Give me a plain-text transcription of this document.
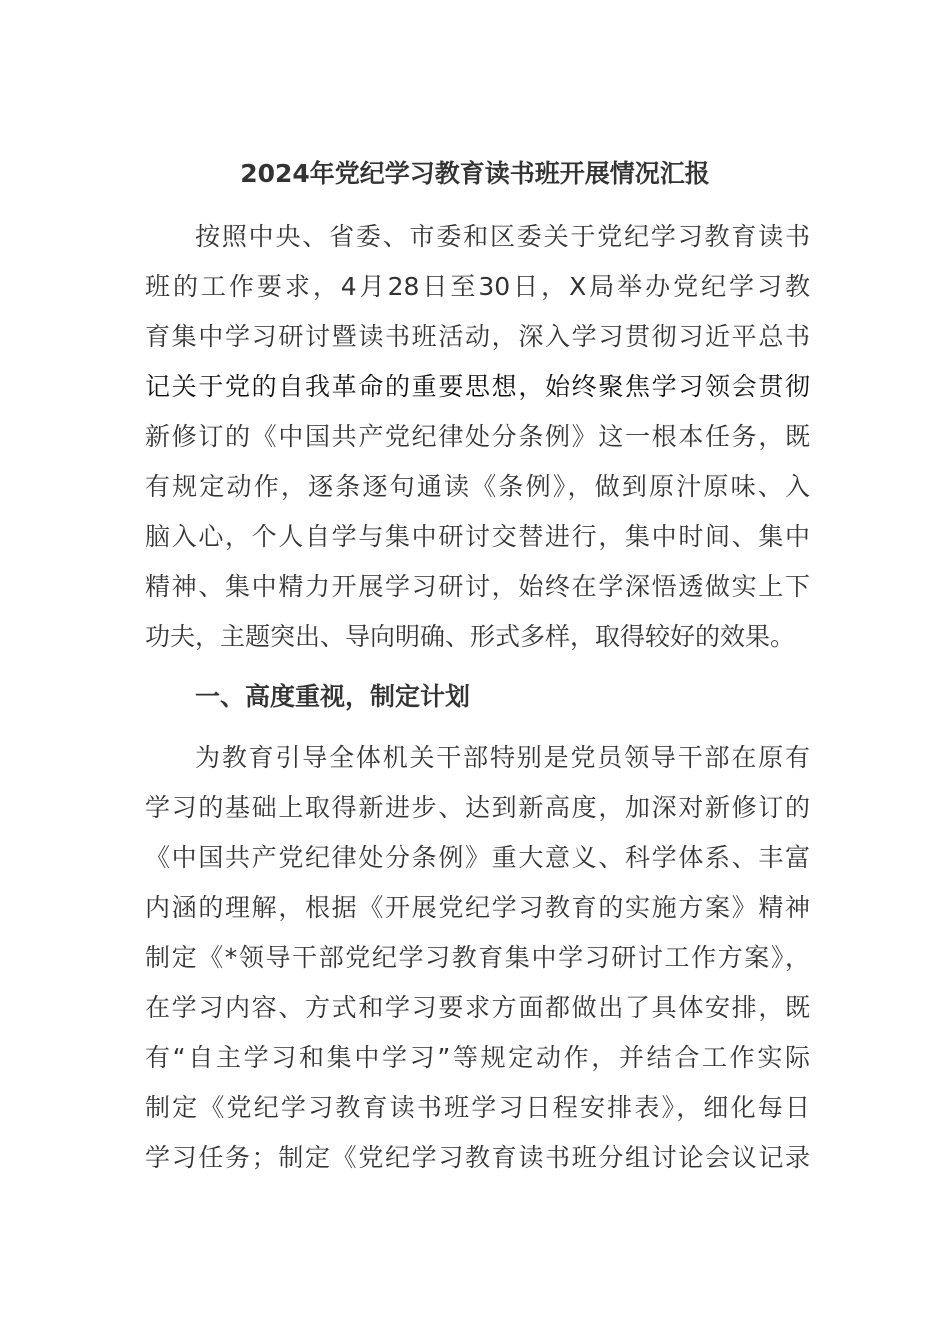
2024年党纪学习教育读书班开展情况汇报
按照中央、省委、市委和区委关于党纪学习教育读书
班的工作要求，4月28日至30日，X局举办党纪学习教
育集中学习研讨暨读书班活动，深入学习贯彻习近平总书
记关于党的自我革命的重要思想，始终聚焦学习领会贯彻
新修订的《中国共产党纪律处分条例》这一根本任务，既
有规定动作，逐条逐句通读《条例》，做到原汁原味、入
脑入心，个人自学与集中研讨交替进行，集中时间、集中
精神、集中精力开展学习研讨，始终在学深悟透做实上下
功夫，主题突出、导向明确、形式多样，取得较好的效果。
一、高度重视，制定计划
为教育引导全体机关干部特别是党员领导干部在原有
学习的基础上取得新进步、达到新高度，加深对新修订的
《中国共产党纪律处分条例》重大意义、科学体系、丰富
内涵的理解，根据《开展党纪学习教育的实施方案》精神
制定《*领导干部党纪学习教育集中学习研讨工作方案》，
在学习内容、方式和学习要求方面都做出了具体安排，既
有“自主学习和集中学习”等规定动作，并结合工作实际
制定《党纪学习教育读书班学习日程安排表》，细化每日
学习任务；制定《党纪学习教育读书班分组讨论会议记录
